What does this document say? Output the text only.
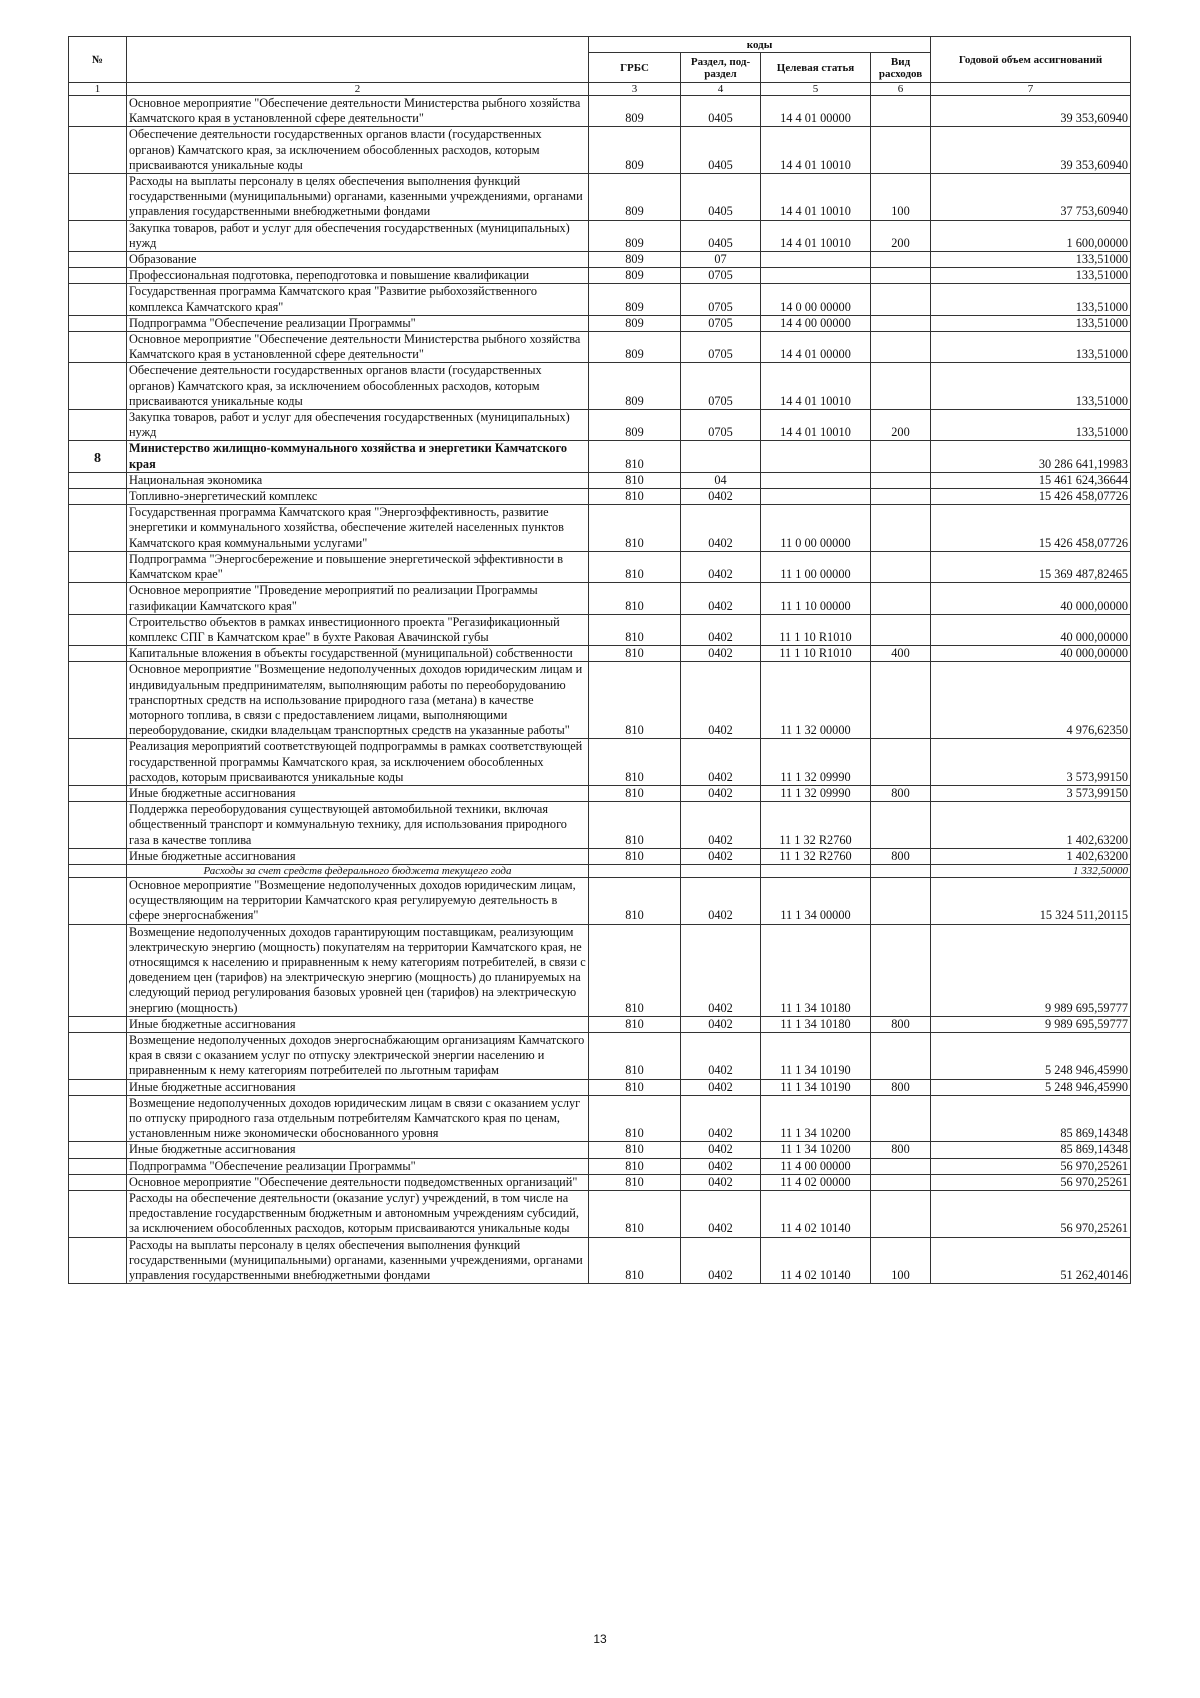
№		коды				Годовой объем ассигнований
		ГРБС	Раздел, под-раздел	Целевая статья	Вид расходов	
1	2	3	4	5	6	7
	Основное мероприятие "Обеспечение деятельности Министерства рыбного хозяйства Камчатского края в установленной сфере деятельности"	809	0405	14 4 01 00000		39 353,60940
	Обеспечение деятельности государственных органов власти (государственных органов) Камчатского края, за исключением обособленных расходов, которым присваиваются уникальные коды	809	0405	14 4 01 10010		39 353,60940
	Расходы на выплаты персоналу в целях обеспечения выполнения функций государственными (муниципальными) органами, казенными учреждениями, органами управления государственными внебюджетными фондами	809	0405	14 4 01 10010	100	37 753,60940
	Закупка товаров, работ и услуг для обеспечения государственных (муниципальных) нужд	809	0405	14 4 01 10010	200	1 600,00000
	Образование	809	07			133,51000
	Профессиональная подготовка, переподготовка и повышение квалификации	809	0705			133,51000
	Государственная программа Камчатского края "Развитие рыбохозяйственного комплекса Камчатского края"	809	0705	14 0 00 00000		133,51000
	Подпрограмма "Обеспечение реализации Программы"	809	0705	14 4 00 00000		133,51000
	Основное мероприятие "Обеспечение деятельности Министерства рыбного хозяйства Камчатского края в установленной сфере деятельности"	809	0705	14 4 01 00000		133,51000
	Обеспечение деятельности государственных органов власти (государственных органов) Камчатского края, за исключением обособленных расходов, которым присваиваются уникальные коды	809	0705	14 4 01 10010		133,51000
	Закупка товаров, работ и услуг для обеспечения государственных (муниципальных) нужд	809	0705	14 4 01 10010	200	133,51000
8	Министерство жилищно-коммунального хозяйства и энергетики Камчатского края	810				30 286 641,19983
	Национальная экономика	810	04			15 461 624,36644
	Топливно-энергетический комплекс	810	0402			15 426 458,07726
	Государственная программа Камчатского края "Энергоэффективность, развитие энергетики и коммунального хозяйства, обеспечение жителей населенных пунктов Камчатского края коммунальными услугами"	810	0402	11 0 00 00000		15 426 458,07726
	Подпрограмма "Энергосбережение и повышение энергетической эффективности в Камчатском крае"	810	0402	11 1 00 00000		15 369 487,82465
	Основное мероприятие "Проведение мероприятий по реализации Программы газификации Камчатского края"	810	0402	11 1 10 00000		40 000,00000
	Строительство объектов в рамках инвестиционного проекта "Регазификационный комплекс СПГ в Камчатском крае" в бухте Раковая Авачинской губы	810	0402	11 1 10 R1010		40 000,00000
	Капитальные вложения в объекты государственной (муниципальной) собственности	810	0402	11 1 10 R1010	400	40 000,00000
	Основное мероприятие "Возмещение недополученных доходов юридическим лицам и индивидуальным предпринимателям, выполняющим работы по переоборудованию транспортных средств на использование природного газа (метана) в качестве моторного топлива, в связи с предоставлением лицами, выполняющими переоборудование, скидки владельцам транспортных средств на указанные работы"	810	0402	11 1 32 00000		4 976,62350
	Реализация мероприятий соответствующей подпрограммы в рамках соответствующей государственной программы Камчатского края, за исключением обособленных расходов, которым присваиваются уникальные коды	810	0402	11 1 32 09990		3 573,99150
	Иные бюджетные ассигнования	810	0402	11 1 32 09990	800	3 573,99150
	Поддержка переоборудования существующей автомобильной техники, включая общественный транспорт и коммунальную технику, для использования природного газа в качестве топлива	810	0402	11 1 32 R2760		1 402,63200
	Иные бюджетные ассигнования	810	0402	11 1 32 R2760	800	1 402,63200
	Расходы за счет средств федерального бюджета текущего года					1 332,50000
	Основное мероприятие "Возмещение недополученных доходов юридическим лицам, осуществляющим на территории Камчатского края регулируемую деятельность в сфере энергоснабжения"	810	0402	11 1 34 00000		15 324 511,20115
	Возмещение недополученных доходов гарантирующим поставщикам, реализующим электрическую энергию (мощность) покупателям на территории Камчатского края, не относящимся к населению и приравненным к нему категориям потребителей, в связи с доведением цен (тарифов) на электрическую энергию (мощность) до планируемых на следующий период регулирования базовых уровней цен (тарифов) на электрическую энергию (мощность)	810	0402	11 1 34 10180		9 989 695,59777
	Иные бюджетные ассигнования	810	0402	11 1 34 10180	800	9 989 695,59777
	Возмещение недополученных доходов энергоснабжающим организациям Камчатского края в связи с оказанием услуг по отпуску электрической энергии населению и приравненным к нему категориям потребителей по льготным тарифам	810	0402	11 1 34 10190		5 248 946,45990
	Иные бюджетные ассигнования	810	0402	11 1 34 10190	800	5 248 946,45990
	Возмещение недополученных доходов юридическим лицам в связи с оказанием услуг по отпуску природного газа отдельным потребителям Камчатского края по ценам, установленным ниже экономически обоснованного уровня	810	0402	11 1 34 10200		85 869,14348
	Иные бюджетные ассигнования	810	0402	11 1 34 10200	800	85 869,14348
	Подпрограмма "Обеспечение реализации Программы"	810	0402	11 4 00 00000		56 970,25261
	Основное мероприятие "Обеспечение деятельности подведомственных организаций"	810	0402	11 4 02 00000		56 970,25261
	Расходы на обеспечение деятельности (оказание услуг) учреждений, в том числе на предоставление государственным бюджетным и автономным учреждениям субсидий, за исключением обособленных расходов, которым присваиваются уникальные коды	810	0402	11 4 02 10140		56 970,25261
	Расходы на выплаты персоналу в целях обеспечения выполнения функций государственными (муниципальными) органами, казенными учреждениями, органами управления государственными внебюджетными фондами	810	0402	11 4 02 10140	100	51 262,40146
13
